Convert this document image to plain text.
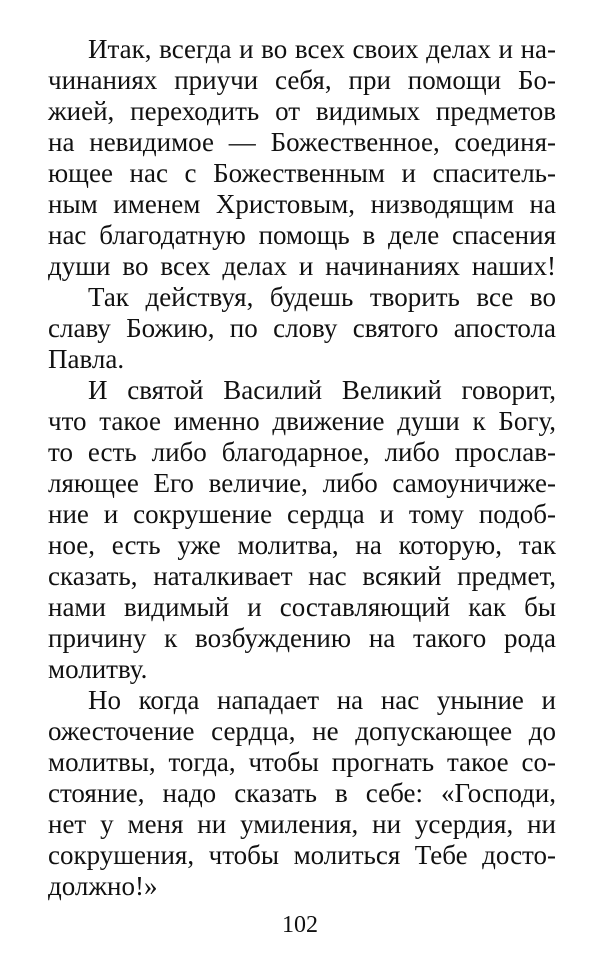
Итак, всегда и во всех своих делах и на-
чинаниях приучи себя, при помощи Бо-
жией, переходить от видимых предметов
на невидимое — Божественное, соединя-
ющее нас с Божественным и спаситель-
ным именем Христовым, низводящим на
нас благодатную помощь в деле спасения
души во всех делах и начинаниях наших!
Так действуя, будешь творить все во
славу Божию, по слову святого апостола
Павла.
И святой Василий Великий говорит,
что такое именно движение души к Богу,
то есть либо благодарное, либо прослав-
ляющее Его величие, либо самоуничиже-
ние и сокрушение сердца и тому подоб-
ное, есть уже молитва, на которую, так
сказать, наталкивает нас всякий предмет,
нами видимый и составляющий как бы
причину к возбуждению на такого рода
молитву.
Но когда нападает на нас уныние и
ожесточение сердца, не допускающее до
молитвы, тогда, чтобы прогнать такое со-
стояние, надо сказать в себе: «Господи,
нет у меня ни умиления, ни усердия, ни
сокрушения, чтобы молиться Тебе досто-
должно!»
102
